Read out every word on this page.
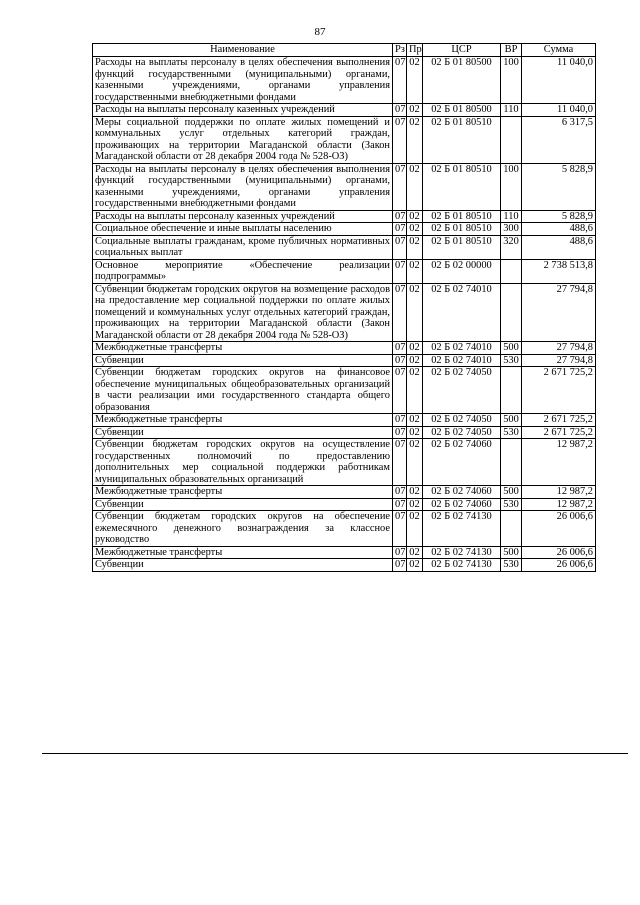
87
Наименование	Рз	Пр	ЦСР	ВР	Сумма
Расходы на выплаты персоналу в целях обеспечения выполнения функций государственными (муниципальными) органами, казенными учреждениями, органами управления государственными внебюджетными фондами	07	02	02 Б 01 80500	100	11 040,0
Расходы на выплаты персоналу казенных учреждений	07	02	02 Б 01 80500	110	11 040,0
Меры социальной поддержки по оплате жилых помещений и коммунальных услуг отдельных категорий граждан, проживающих на территории Магаданской области (Закон Магаданской области от 28 декабря 2004 года № 528-ОЗ)	07	02	02 Б 01 80510		6 317,5
Расходы на выплаты персоналу в целях обеспечения выполнения функций государственными (муниципальными) органами, казенными учреждениями, органами управления государственными внебюджетными фондами	07	02	02 Б 01 80510	100	5 828,9
Расходы на выплаты персоналу казенных учреждений	07	02	02 Б 01 80510	110	5 828,9
Социальное обеспечение и иные выплаты населению	07	02	02 Б 01 80510	300	488,6
Социальные выплаты гражданам, кроме публичных нормативных социальных выплат	07	02	02 Б 01 80510	320	488,6
Основное мероприятие «Обеспечение реализации подпрограммы»	07	02	02 Б 02 00000		2 738 513,8
Субвенции бюджетам городских округов на возмещение расходов на предоставление мер социальной поддержки по оплате жилых помещений и коммунальных услуг отдельных категорий граждан, проживающих на территории Магаданской области (Закон Магаданской области от 28 декабря 2004 года № 528-ОЗ)	07	02	02 Б 02 74010		27 794,8
Межбюджетные трансферты	07	02	02 Б 02 74010	500	27 794,8
Субвенции	07	02	02 Б 02 74010	530	27 794,8
Субвенции бюджетам городских округов на финансовое обеспечение муниципальных общеобразовательных организаций в части реализации ими государственного стандарта общего образования	07	02	02 Б 02 74050		2 671 725,2
Межбюджетные трансферты	07	02	02 Б 02 74050	500	2 671 725,2
Субвенции	07	02	02 Б 02 74050	530	2 671 725,2
Субвенции бюджетам городских округов на осуществление государственных полномочий по предоставлению дополнительных мер социальной поддержки работникам муниципальных образовательных организаций	07	02	02 Б 02 74060		12 987,2
Межбюджетные трансферты	07	02	02 Б 02 74060	500	12 987,2
Субвенции	07	02	02 Б 02 74060	530	12 987,2
Субвенции бюджетам городских округов на обеспечение ежемесячного денежного вознаграждения за классное руководство	07	02	02 Б 02 74130		26 006,6
Межбюджетные трансферты	07	02	02 Б 02 74130	500	26 006,6
Субвенции	07	02	02 Б 02 74130	530	26 006,6
